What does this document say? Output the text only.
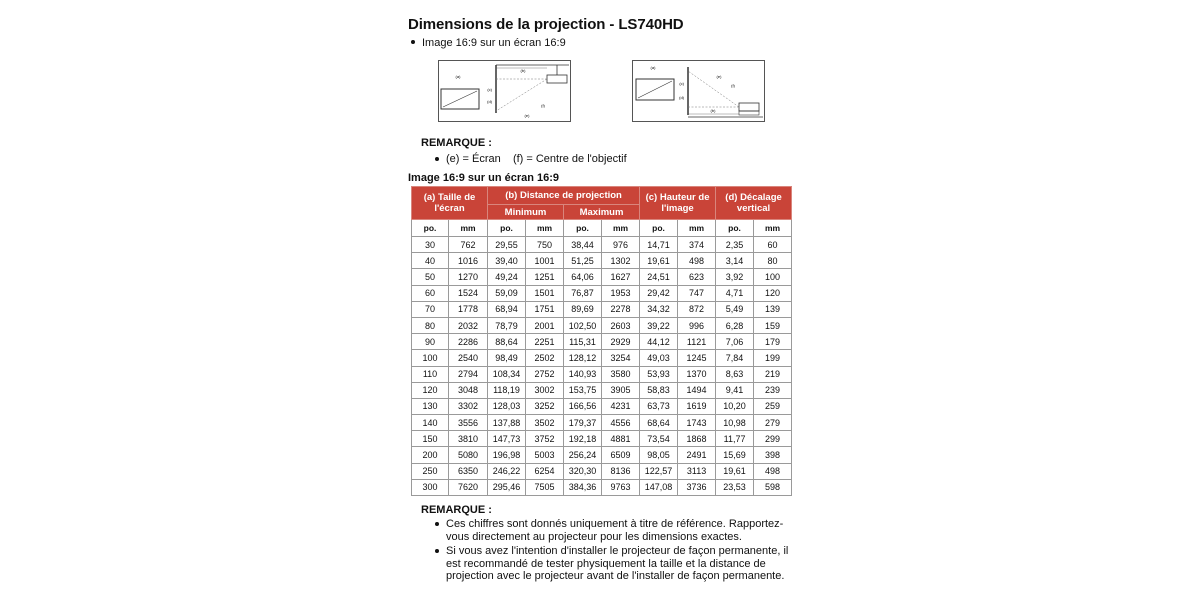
Dimensions de la projection - LS740HD
Image 16:9 sur un écran 16:9
(a)
(b)
(c)
(d)
(e)
(f)
(a)
(b)
(c)
(d)
(e)
(f)
REMARQUE :
(e) = Écran    (f) = Centre de l'objectif
Image 16:9 sur un écran 16:9
(a) Taille de l'écran		(b) Distance de projection				(c) Hauteur de l'image		(d) Décalage vertical	
		Minimum		Maximum					
po.	mm	po.	mm	po.	mm	po.	mm	po.	mm
30	762	29,55	750	38,44	976	14,71	374	2,35	60
40	1016	39,40	1001	51,25	1302	19,61	498	3,14	80
50	1270	49,24	1251	64,06	1627	24,51	623	3,92	100
60	1524	59,09	1501	76,87	1953	29,42	747	4,71	120
70	1778	68,94	1751	89,69	2278	34,32	872	5,49	139
80	2032	78,79	2001	102,50	2603	39,22	996	6,28	159
90	2286	88,64	2251	115,31	2929	44,12	1121	7,06	179
100	2540	98,49	2502	128,12	3254	49,03	1245	7,84	199
110	2794	108,34	2752	140,93	3580	53,93	1370	8,63	219
120	3048	118,19	3002	153,75	3905	58,83	1494	9,41	239
130	3302	128,03	3252	166,56	4231	63,73	1619	10,20	259
140	3556	137,88	3502	179,37	4556	68,64	1743	10,98	279
150	3810	147,73	3752	192,18	4881	73,54	1868	11,77	299
200	5080	196,98	5003	256,24	6509	98,05	2491	15,69	398
250	6350	246,22	6254	320,30	8136	122,57	3113	19,61	498
300	7620	295,46	7505	384,36	9763	147,08	3736	23,53	598
REMARQUE :
Ces chiffres sont donnés uniquement à titre de référence. Rapportez-vous directement au projecteur pour les dimensions exactes.
Si vous avez l'intention d'installer le projecteur de façon permanente, il est recommandé de tester physiquement la taille et la distance de projection avec le projecteur avant de l'installer de façon permanente.
